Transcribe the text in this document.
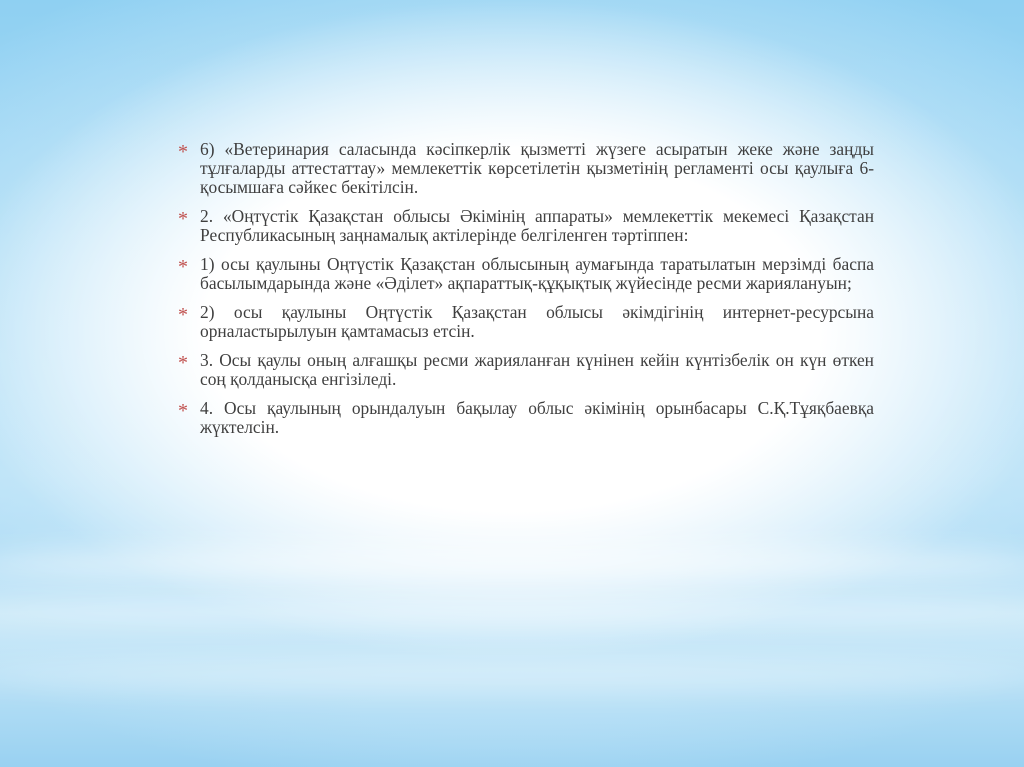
* 6) «Ветеринария саласында кәсіпкерлік қызметті жүзеге асыратын жеке және заңды тұлғаларды аттестаттау» мемлекеттік көрсетілетін қызметінің регламенті осы қаулыға 6-қосымшаға сәйкес бекітілсін.
* 2. «Оңтүстік Қазақстан облысы Әкімінің аппараты» мемлекеттік мекемесі Қазақстан Республикасының заңнамалық актілерінде белгіленген тәртіппен:
* 1) осы қаулыны Оңтүстік Қазақстан облысының аумағында таратылатын мерзімді баспа басылымдарында және «Әділет» ақпараттық-құқықтық жүйесінде ресми жариялануын;
* 2) осы қаулыны Оңтүстік Қазақстан облысы әкімдігінің интернет-ресурсына орналастырылуын қамтамасыз етсін.
* 3. Осы қаулы оның алғашқы ресми жарияланған күнінен кейін күнтізбелік он күн өткен соң қолданысқа енгізіледі.
* 4. Осы қаулының орындалуын бақылау облыс әкімінің орынбасары С.Қ.Тұяқбаевқа жүктелсін.
